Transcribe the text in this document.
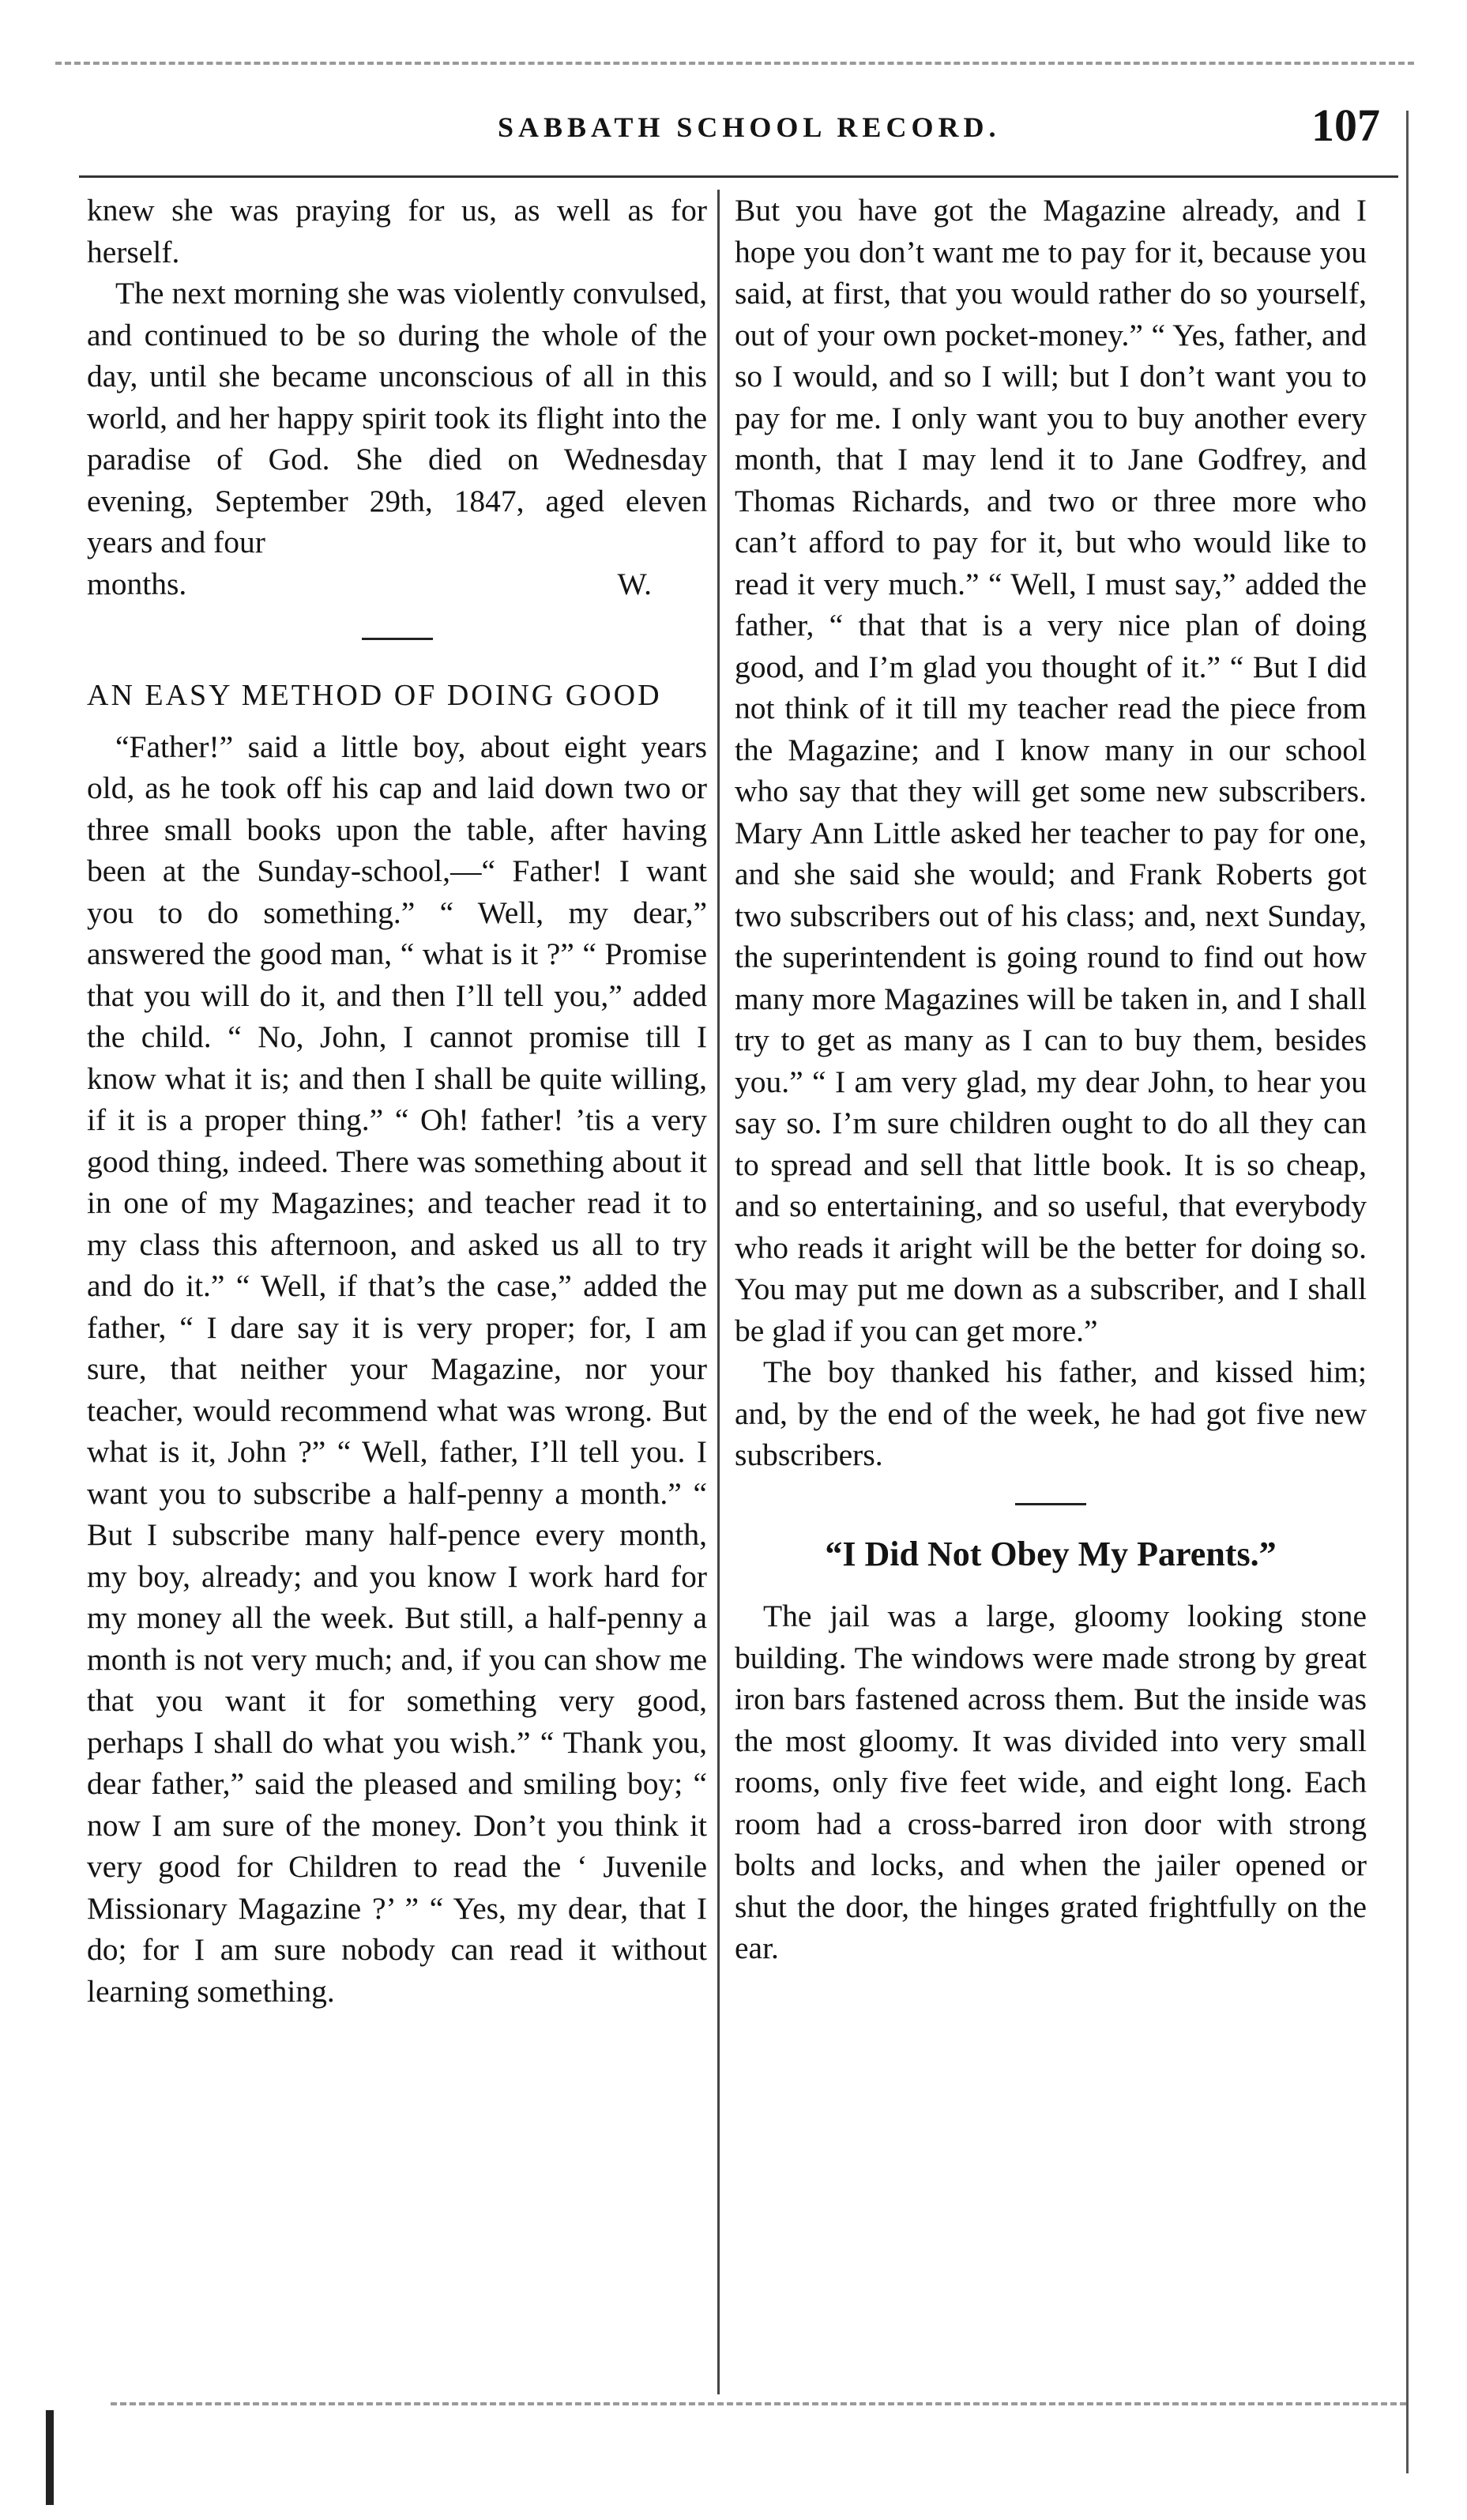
SABBATH SCHOOL RECORD.	107

knew she was praying for us, as well as for herself.

The next morning she was violently convulsed, and continued to be so during the whole of the day, until she became unconscious of all in this world, and her happy spirit took its flight into the paradise of God. She died on Wednesday evening, September 29th, 1847, aged eleven years and four

months.	W.
AN EASY METHOD OF DOING GOOD

“Father!” said a little boy, about eight years old, as he took off his cap and laid down two or three small books upon the table, after having been at the Sunday-school,—“ Father! I want you to do something.” “ Well, my dear,” answered the good man, “ what is it ?” “ Promise that you will do it, and then I’ll tell you,” added the child. “ No, John, I cannot promise till I know what it is; and then I shall be quite willing, if it is a proper thing.” “ Oh! father! ’tis a very good thing, indeed. There was something about it in one of my Magazines; and teacher read it to my class this afternoon, and asked us all to try and do it.” “ Well, if that’s the case,” added the father, “ I dare say it is very proper; for, I am sure, that neither your Magazine, nor your teacher, would recommend what was wrong. But what is it, John ?” “ Well, father, I’ll tell you. I want you to subscribe a half-penny a month.” “ But I subscribe many half-pence every month, my boy, already; and you know I work hard for my money all the week. But still, a half-penny a month is not very much; and, if you can show me that you want it for something very good, perhaps I shall do what you wish.” “ Thank you, dear father,” said the pleased and smiling boy; “ now I am sure of the money. Don’t you think it very good for Children to read the ‘ Juvenile Missionary Magazine ?’ ” “ Yes, my dear, that I do; for I am sure nobody can read it without learning something.

But you have got the Magazine already, and I hope you don’t want me to pay for it, because you said, at first, that you would rather do so yourself, out of your own pocket-money.” “ Yes, father, and so I would, and so I will; but I don’t want you to pay for me. I only want you to buy another every month, that I may lend it to Jane Godfrey, and Thomas Richards, and two or three more who can’t afford to pay for it, but who would like to read it very much.” “ Well, I must say,” added the father, “ that that is a very nice plan of doing good, and I’m glad you thought of it.” “ But I did not think of it till my teacher read the piece from the Magazine; and I know many in our school who say that they will get some new subscribers. Mary Ann Little asked her teacher to pay for one, and she said she would; and Frank Roberts got two subscribers out of his class; and, next Sunday, the superintendent is going round to find out how many more Magazines will be taken in, and I shall try to get as many as I can to buy them, besides you.” “ I am very glad, my dear John, to hear you say so. I’m sure children ought to do all they can to spread and sell that little book. It is so cheap, and so entertaining, and so useful, that everybody who reads it aright will be the better for doing so. You may put me down as a subscriber, and I shall be glad if you can get more.”

The boy thanked his father, and kissed him; and, by the end of the week, he had got five new subscribers.

“I Did Not Obey My Parents.”

The jail was a large, gloomy looking stone building. The windows were made strong by great iron bars fastened across them. But the inside was the most gloomy. It was divided into very small rooms, only five feet wide, and eight long. Each room had a cross-barred iron door with strong bolts and locks, and when the jailer opened or shut the door, the hinges grated frightfully on the ear.
